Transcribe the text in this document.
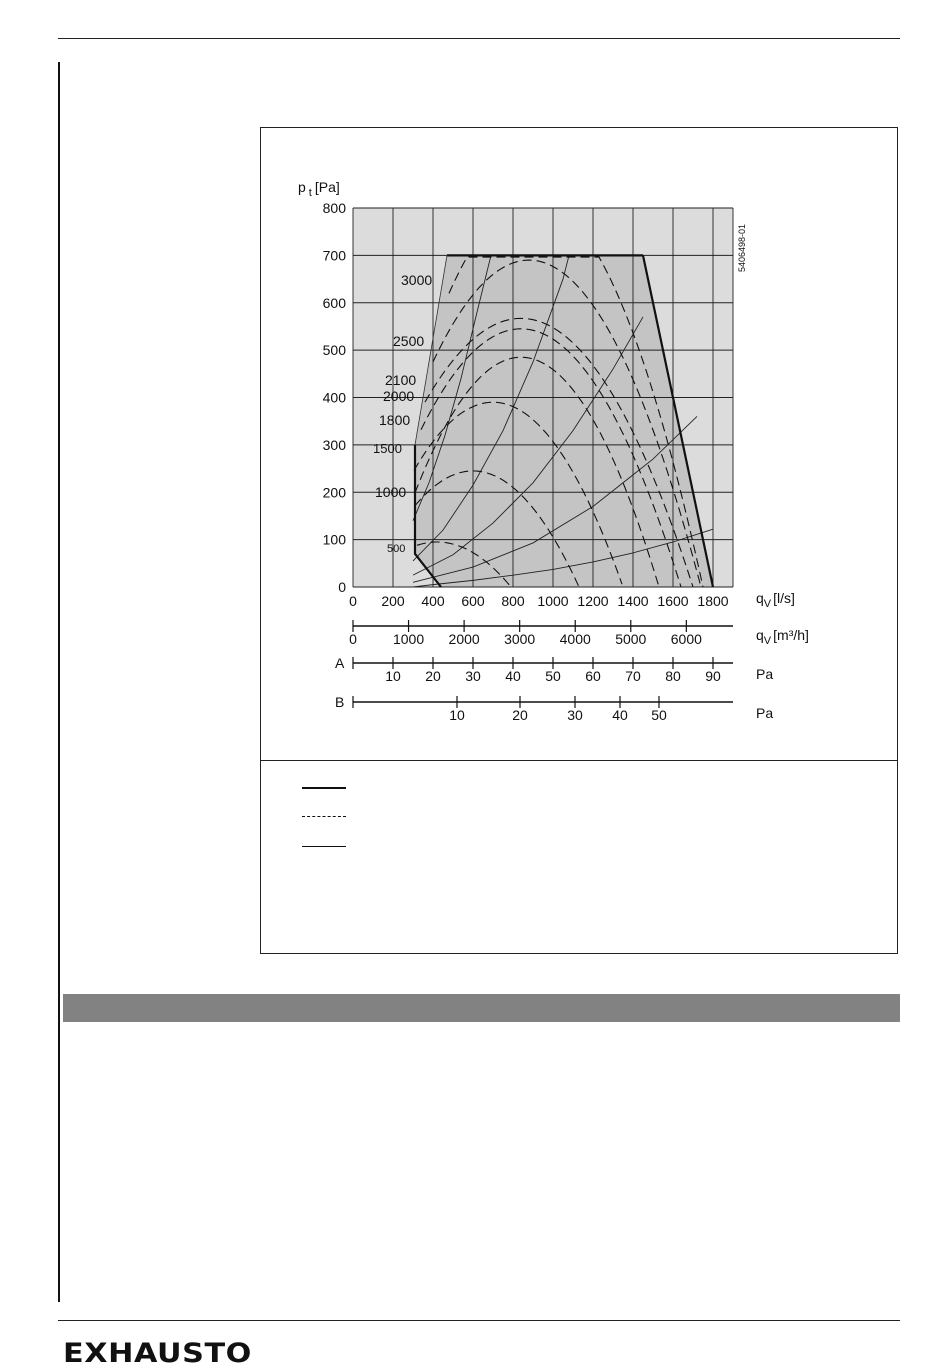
500
1000
1500
1800
2000
2100
2500
3000
0
100
200
300
400
500
600
700
800
0 200 400 600 800 1000 1200 1400 1600 1800
p $_t$ [Pa]
$q_V$ [l/s]
5406498-01
0	1000 2000 3000 4000 5000 6000	$q_V$ [m³/h]
A
10 20 30 40 50 60 70 80 90	Pa
B
10	20	30 40 50	Pa
EXHAUSTO
